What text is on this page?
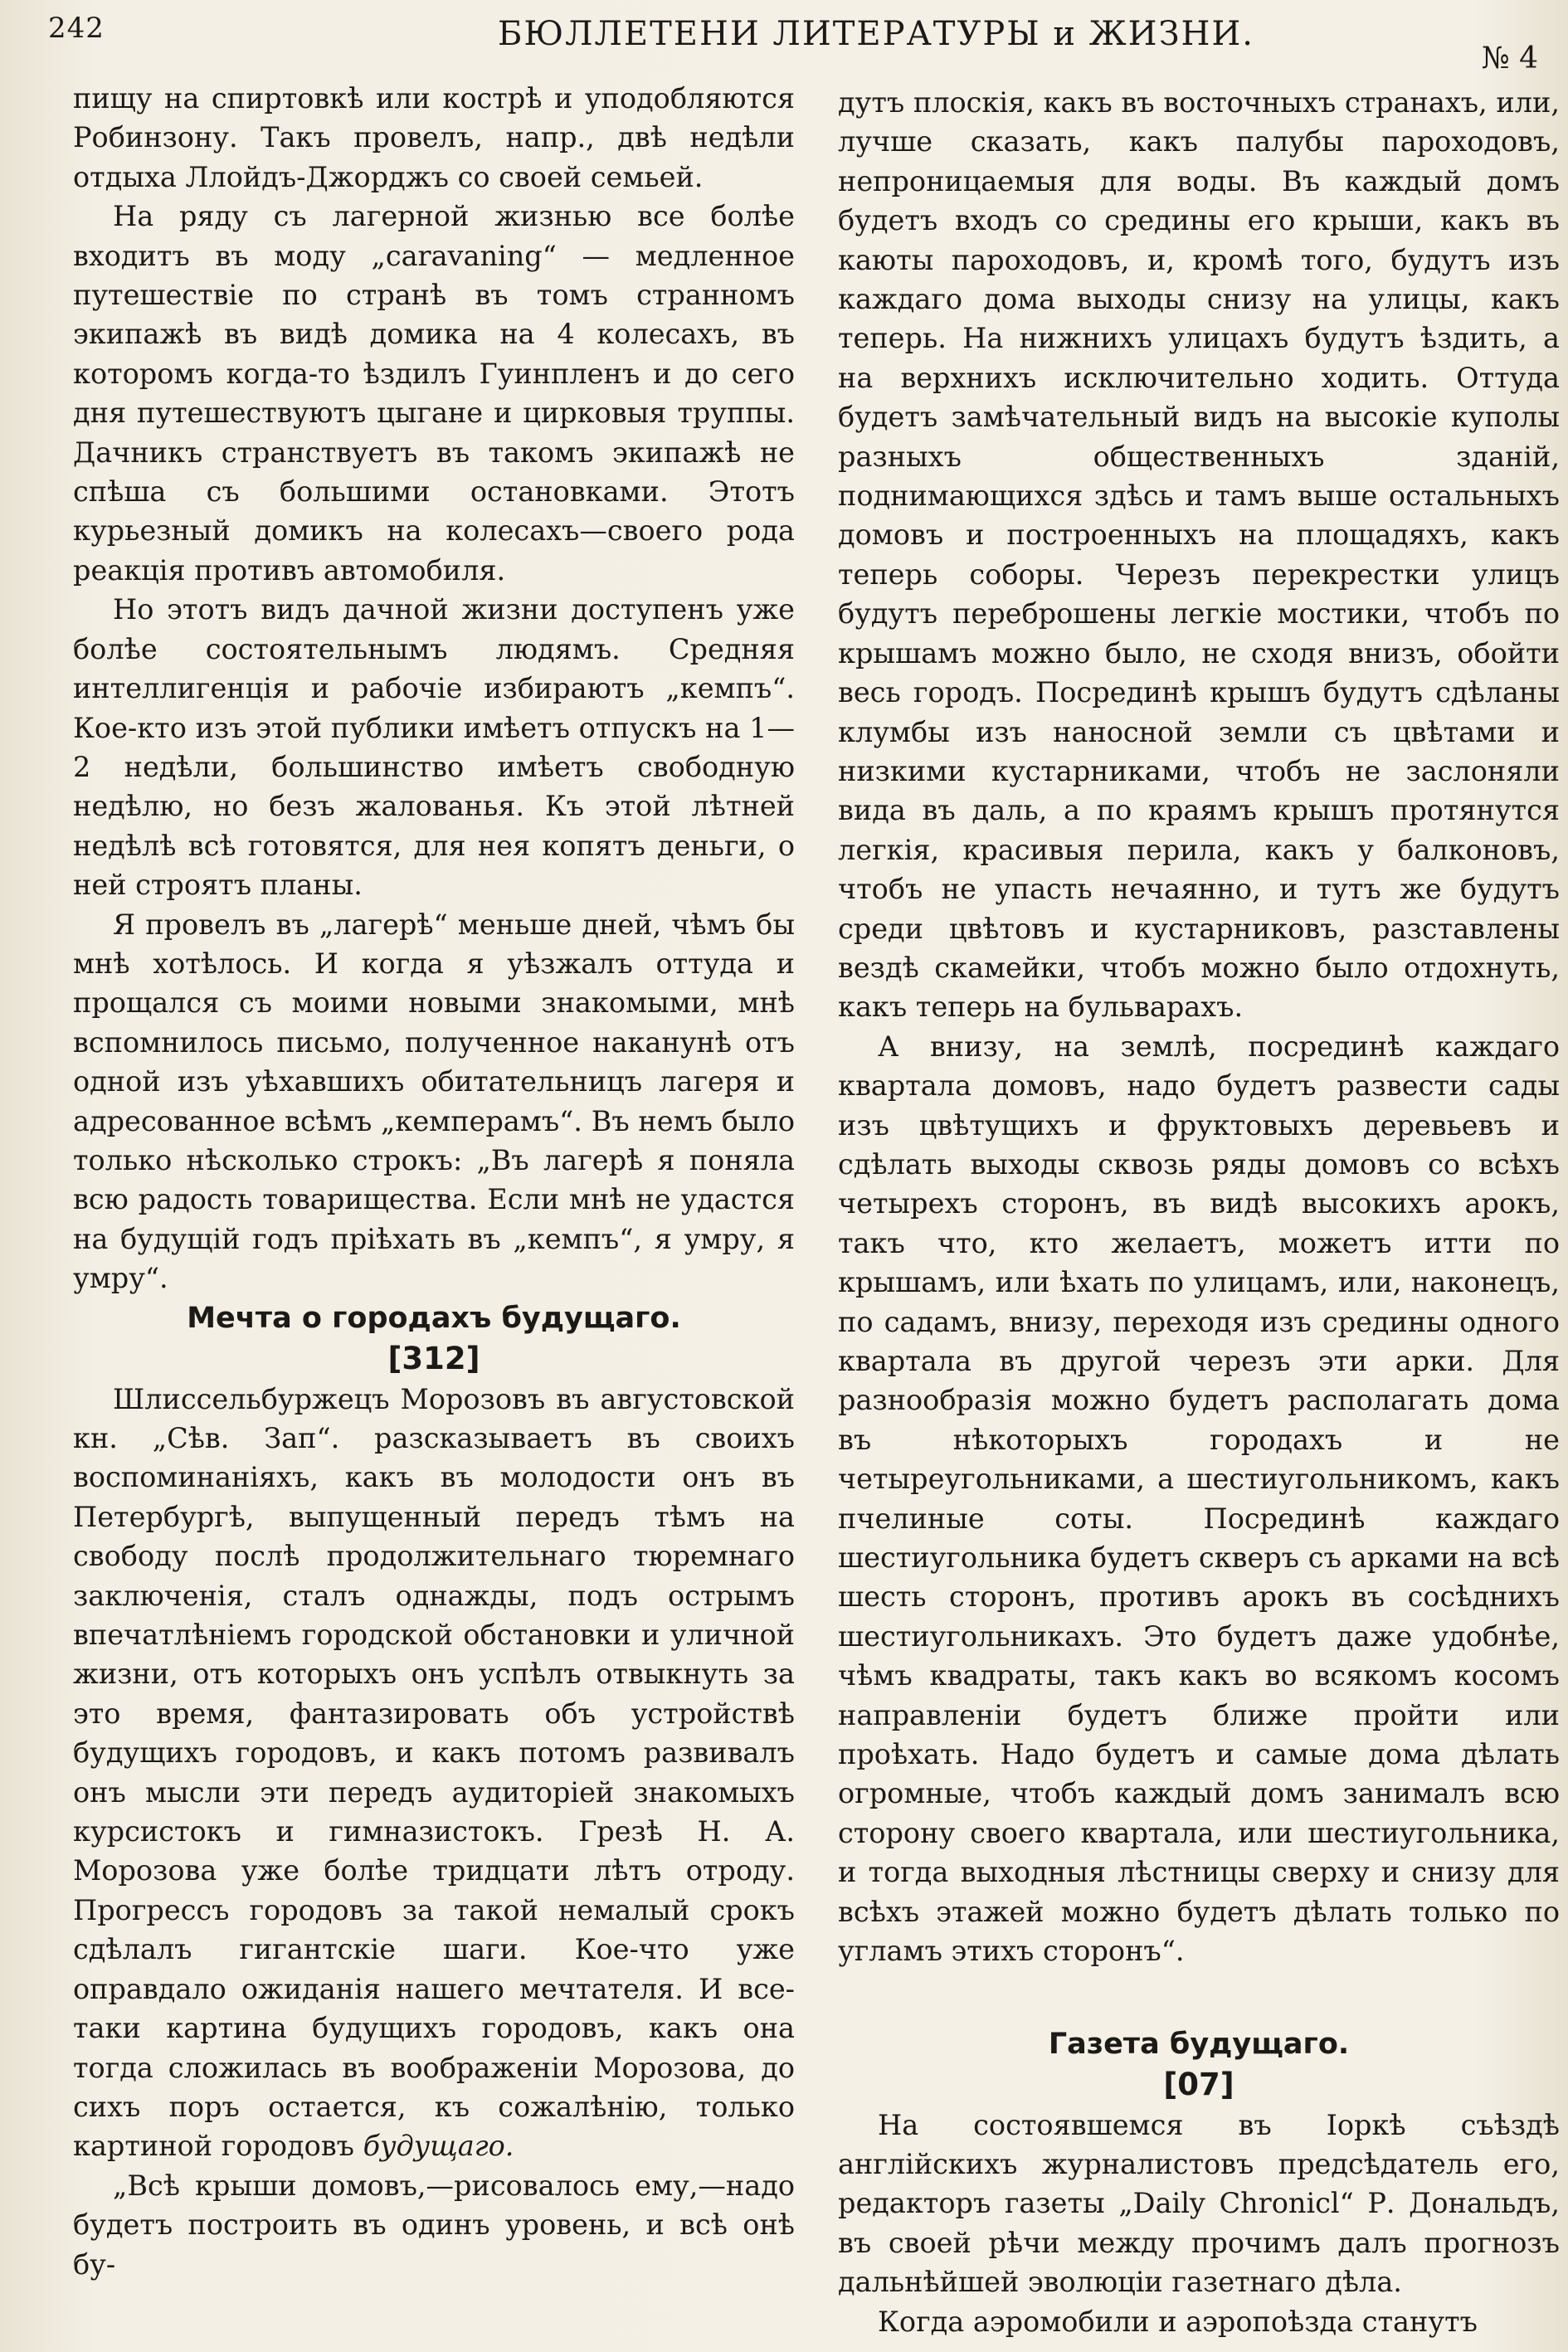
242	БЮЛЛЕТЕНИ ЛИТЕРАТУРЫ и ЖИЗНИ.
№ 4

пищу на спиртовкѣ или кострѣ и уподобляются Робинзону. Такъ провелъ, напр., двѣ недѣли отдыха Ллойдъ-Джорджъ со своей семьей.

На ряду съ лагерной жизнью все болѣе входитъ въ моду „caravaning“ — медленное путешествіе по странѣ въ томъ странномъ экипажѣ въ видѣ домика на 4 колесахъ, въ которомъ когда-то ѣздилъ Гуинпленъ и до сего дня путешествуютъ цыгане и цирковыя труппы. Дачникъ странствуетъ въ такомъ экипажѣ не спѣша съ большими остановками. Этотъ курьезный домикъ на колесахъ—своего рода реакція противъ автомобиля.

Но этотъ видъ дачной жизни доступенъ уже болѣе состоятельнымъ людямъ. Средняя интеллигенція и рабочіе избираютъ „кемпъ“. Кое-кто изъ этой публики имѣетъ отпускъ на 1—2 недѣли, большинство имѣетъ свободную недѣлю, но безъ жалованья. Къ этой лѣтней недѣлѣ всѣ готовятся, для нея копятъ деньги, о ней строятъ планы.

Я провелъ въ „лагерѣ“ меньше дней, чѣмъ бы мнѣ хотѣлось. И когда я уѣзжалъ оттуда и прощался съ моими новыми знакомыми, мнѣ вспомнилось письмо, полученное наканунѣ отъ одной изъ уѣхавшихъ обитательницъ лагеря и адресованное всѣмъ „кемперамъ“. Въ немъ было только нѣсколько строкъ: „Въ лагерѣ я поняла всю радость товарищества. Если мнѣ не удастся на будущій годъ пріѣхать въ „кемпъ“, я умру, я умру“.

Мечта о городахъ будущаго.

[312]

Шлиссельбуржецъ Морозовъ въ августовской кн. „Сѣв. Зап“. разсказываетъ въ своихъ воспоминаніяхъ, какъ въ молодости онъ въ Петербургѣ, выпущенный передъ тѣмъ на свободу послѣ продолжительнаго тюремнаго заключенія, сталъ однажды, подъ острымъ впечатлѣніемъ городской обстановки и уличной жизни, отъ которыхъ онъ успѣлъ отвыкнуть за это время, фантазировать объ устройствѣ будущихъ городовъ, и какъ потомъ развивалъ онъ мысли эти передъ аудиторіей знакомыхъ курсистокъ и гимназистокъ. Грезѣ Н. А. Морозова уже болѣе тридцати лѣтъ отроду. Прогрессъ городовъ за такой немалый срокъ сдѣлалъ гигантскіе шаги. Кое-что уже оправдало ожиданія нашего мечтателя. И все-таки картина будущихъ городовъ, какъ она тогда сложилась въ воображеніи Морозова, до сихъ поръ остается, къ сожалѣнію, только картиной городовъ будущаго.

„Всѣ крыши домовъ,—рисовалось ему,—надо будетъ построить въ одинъ уровень, и всѣ онѣ бу-

дутъ плоскія, какъ въ восточныхъ странахъ, или, лучше сказать, какъ палубы пароходовъ, непроницаемыя для воды. Въ каждый домъ будетъ входъ со средины его крыши, какъ въ каюты пароходовъ, и, кромѣ того, будутъ изъ каждаго дома выходы снизу на улицы, какъ теперь. На нижнихъ улицахъ будутъ ѣздить, а на верхнихъ исключительно ходить. Оттуда будетъ замѣчательный видъ на высокіе куполы разныхъ общественныхъ зданій, поднимающихся здѣсь и тамъ выше остальныхъ домовъ и построенныхъ на площадяхъ, какъ теперь соборы. Черезъ перекрестки улицъ будутъ переброшены легкіе мостики, чтобъ по крышамъ можно было, не сходя внизъ, обойти весь городъ. Посрединѣ крышъ будутъ сдѣланы клумбы изъ наносной земли съ цвѣтами и низкими кустарниками, чтобъ не заслоняли вида въ даль, а по краямъ крышъ протянутся легкія, красивыя перила, какъ у балконовъ, чтобъ не упасть нечаянно, и тутъ же будутъ среди цвѣтовъ и кустарниковъ, разставлены вездѣ скамейки, чтобъ можно было отдохнуть, какъ теперь на бульварахъ.

А внизу, на землѣ, посрединѣ каждаго квартала домовъ, надо будетъ развести сады изъ цвѣтущихъ и фруктовыхъ деревьевъ и сдѣлать выходы сквозь ряды домовъ со всѣхъ четырехъ сторонъ, въ видѣ высокихъ арокъ, такъ что, кто желаетъ, можетъ итти по крышамъ, или ѣхать по улицамъ, или, наконецъ, по садамъ, внизу, переходя изъ средины одного квартала въ другой черезъ эти арки. Для разнообразія можно будетъ располагать дома въ нѣкоторыхъ городахъ и не четыреугольниками, а шестиугольникомъ, какъ пчелиные соты. Посрединѣ каждаго шестиугольника будетъ скверъ съ арками на всѣ шесть сторонъ, противъ арокъ въ сосѣднихъ шестиугольникахъ. Это будетъ даже удобнѣе, чѣмъ квадраты, такъ какъ во всякомъ косомъ направленіи будетъ ближе пройти или проѣхать. Надо будетъ и самые дома дѣлать огромные, чтобъ каждый домъ занималъ всю сторону своего квартала, или шестиугольника, и тогда выходныя лѣстницы сверху и снизу для всѣхъ этажей можно будетъ дѣлать только по угламъ этихъ сторонъ“.

Газета будущаго.

[07]

На состоявшемся въ Іоркѣ съѣздѣ англійскихъ журналистовъ предсѣдатель его, редакторъ газеты „Daily Chronicl“ Р. Дональдъ, въ своей рѣчи между прочимъ далъ прогнозъ дальнѣйшей эволюціи газетнаго дѣла.

Когда аэромобили и аэропоѣзда станутъ
